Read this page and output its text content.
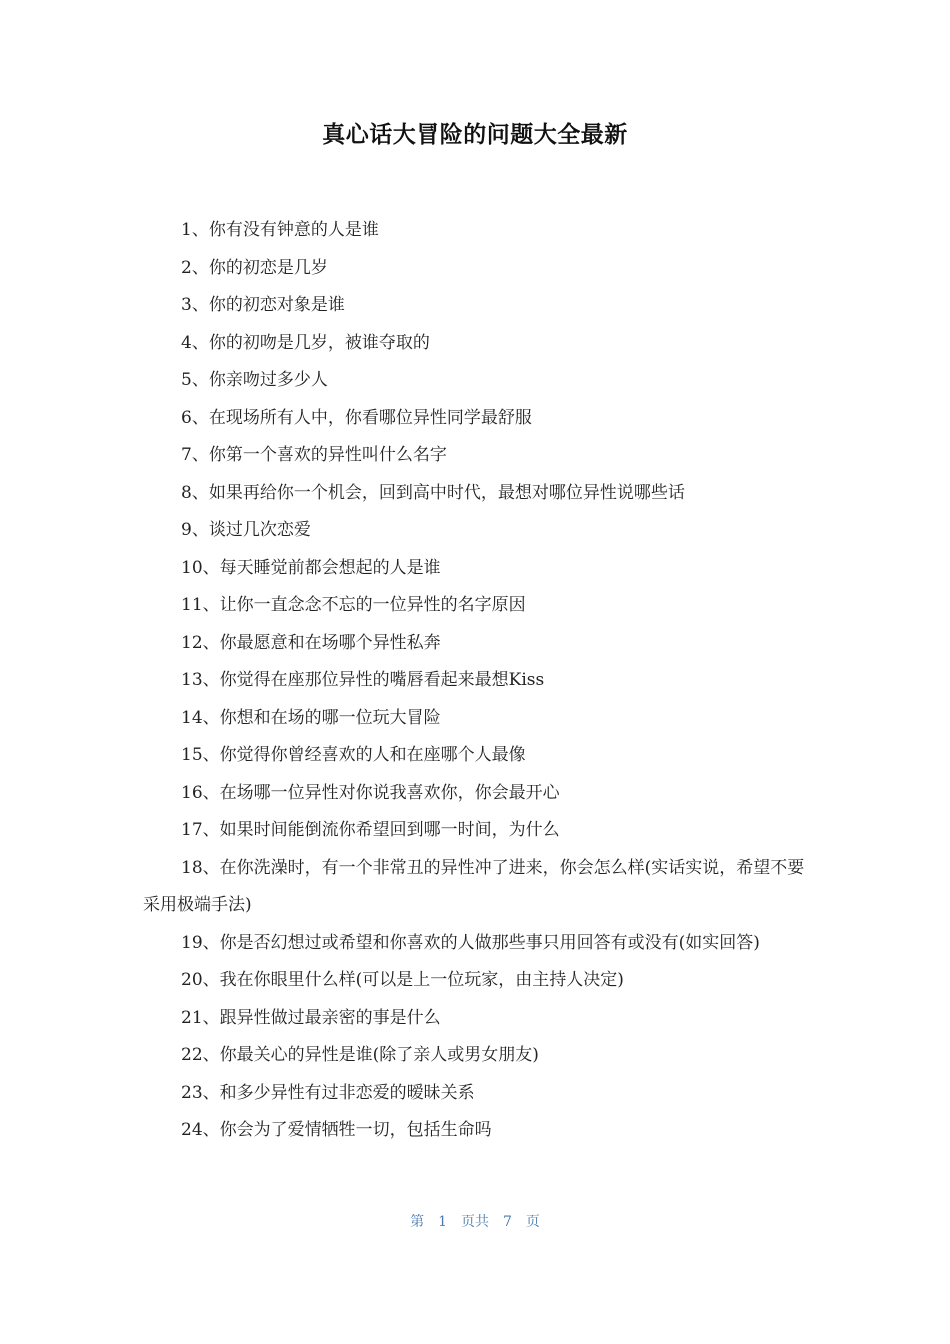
真心话大冒险的问题大全最新

1、你有没有钟意的人是谁

2、你的初恋是几岁

3、你的初恋对象是谁

4、你的初吻是几岁，被谁夺取的

5、你亲吻过多少人

6、在现场所有人中，你看哪位异性同学最舒服

7、你第一个喜欢的异性叫什么名字

8、如果再给你一个机会，回到高中时代，最想对哪位异性说哪些话

9、谈过几次恋爱

10、每天睡觉前都会想起的人是谁

11、让你一直念念不忘的一位异性的名字原因

12、你最愿意和在场哪个异性私奔

13、你觉得在座那位异性的嘴唇看起来最想Kiss

14、你想和在场的哪一位玩大冒险

15、你觉得你曾经喜欢的人和在座哪个人最像

16、在场哪一位异性对你说我喜欢你，你会最开心

17、如果时间能倒流你希望回到哪一时间，为什么

18、在你洗澡时，有一个非常丑的异性冲了进来，你会怎么样(实话实说，希望不要采用极端手法)

19、你是否幻想过或希望和你喜欢的人做那些事只用回答有或没有(如实回答)

20、我在你眼里什么样(可以是上一位玩家，由主持人决定)

21、跟异性做过最亲密的事是什么

22、你最关心的异性是谁(除了亲人或男女朋友)

23、和多少异性有过非恋爱的暧昧关系

24、你会为了爱情牺牲一切，包括生命吗

第 1 页共 7 页
